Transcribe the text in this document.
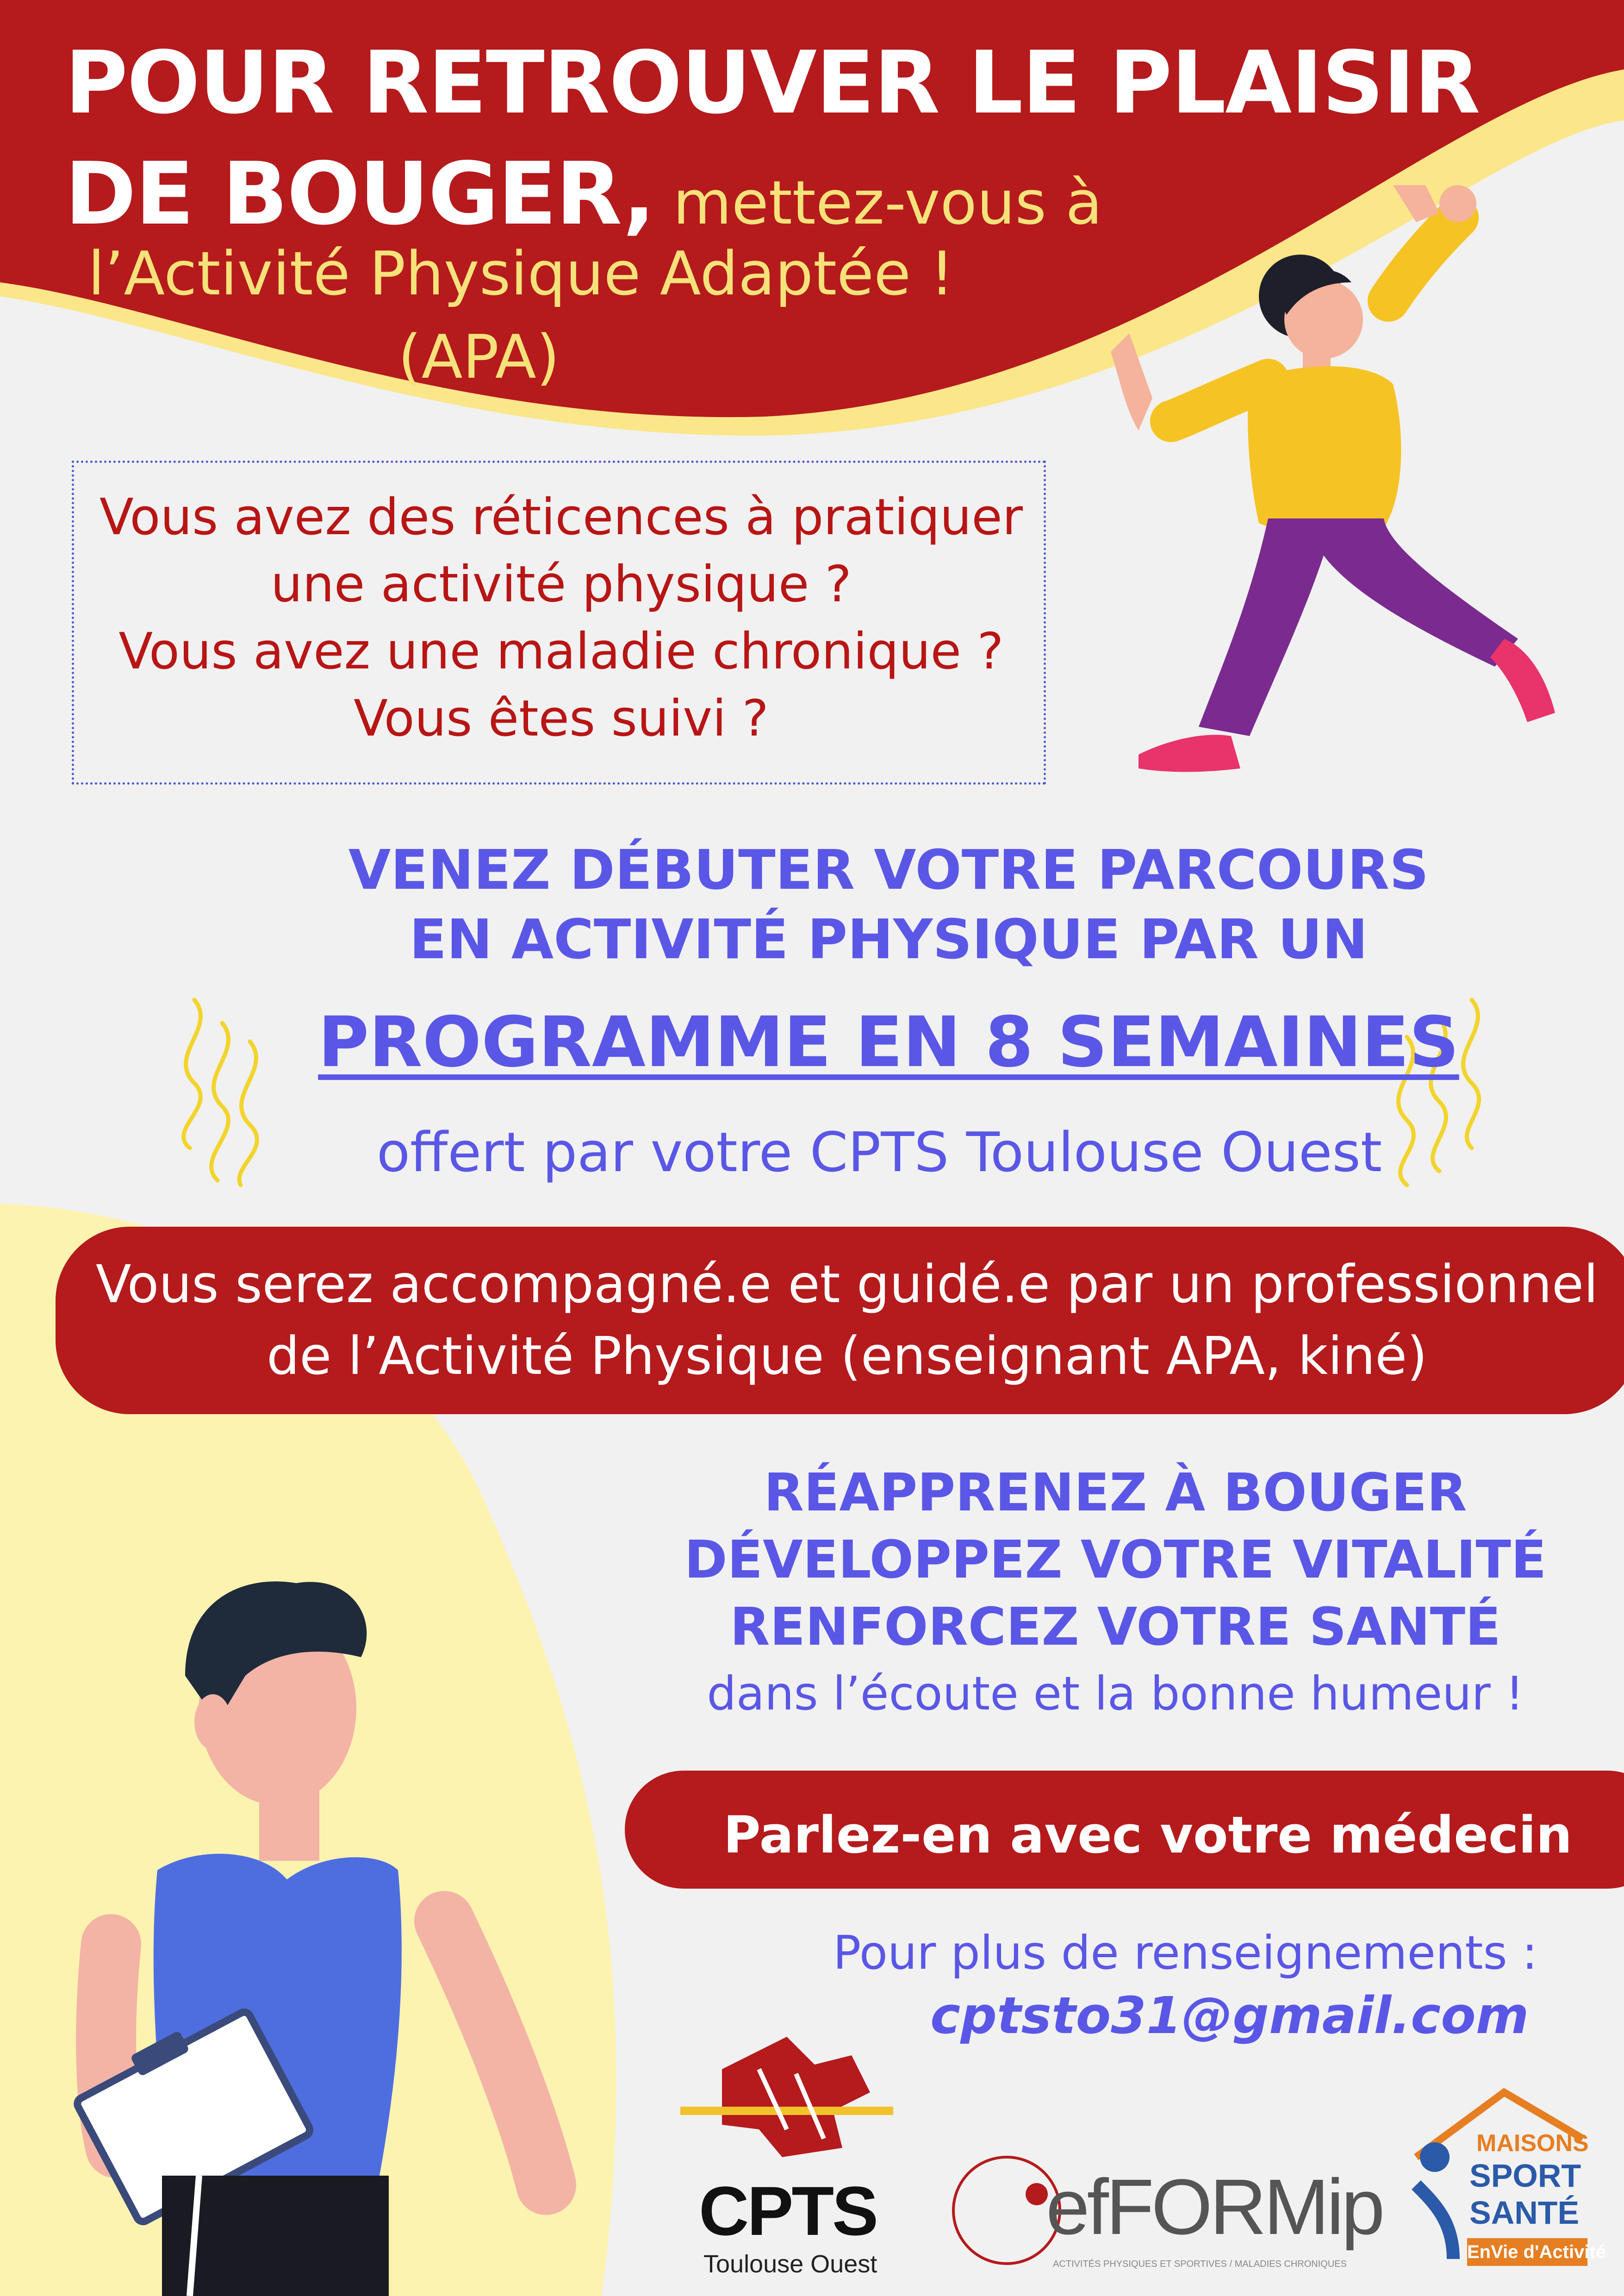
POUR RETROUVER LE PLAISIR
DE BOUGER, mettez-vous à
l’Activité Physique Adaptée !
(APA)
Vous avez des réticences à pratiquer
une activité physique ?
Vous avez une maladie chronique ?
Vous êtes suivi ?
VENEZ DÉBUTER VOTRE PARCOURS
EN ACTIVITÉ PHYSIQUE PAR UN
PROGRAMME EN 8 SEMAINES
offert par votre CPTS Toulouse Ouest
Vous serez accompagné.e et guidé.e par un professionnel
de l’Activité Physique (enseignant APA, kiné)
RÉAPPRENEZ À BOUGER
DÉVELOPPEZ VOTRE VITALITÉ
RENFORCEZ VOTRE SANTÉ
dans l’écoute et la bonne humeur !
Parlez-en avec votre médecin
Pour plus de renseignements :
cptsto31@gmail.com
CPTS
Toulouse Ouest
efFORMip
ACTIVITÉS PHYSIQUES ET SPORTIVES / MALADIES CHRONIQUES
MAISONS
SPORT
SANTÉ
EnVie d'Activité
